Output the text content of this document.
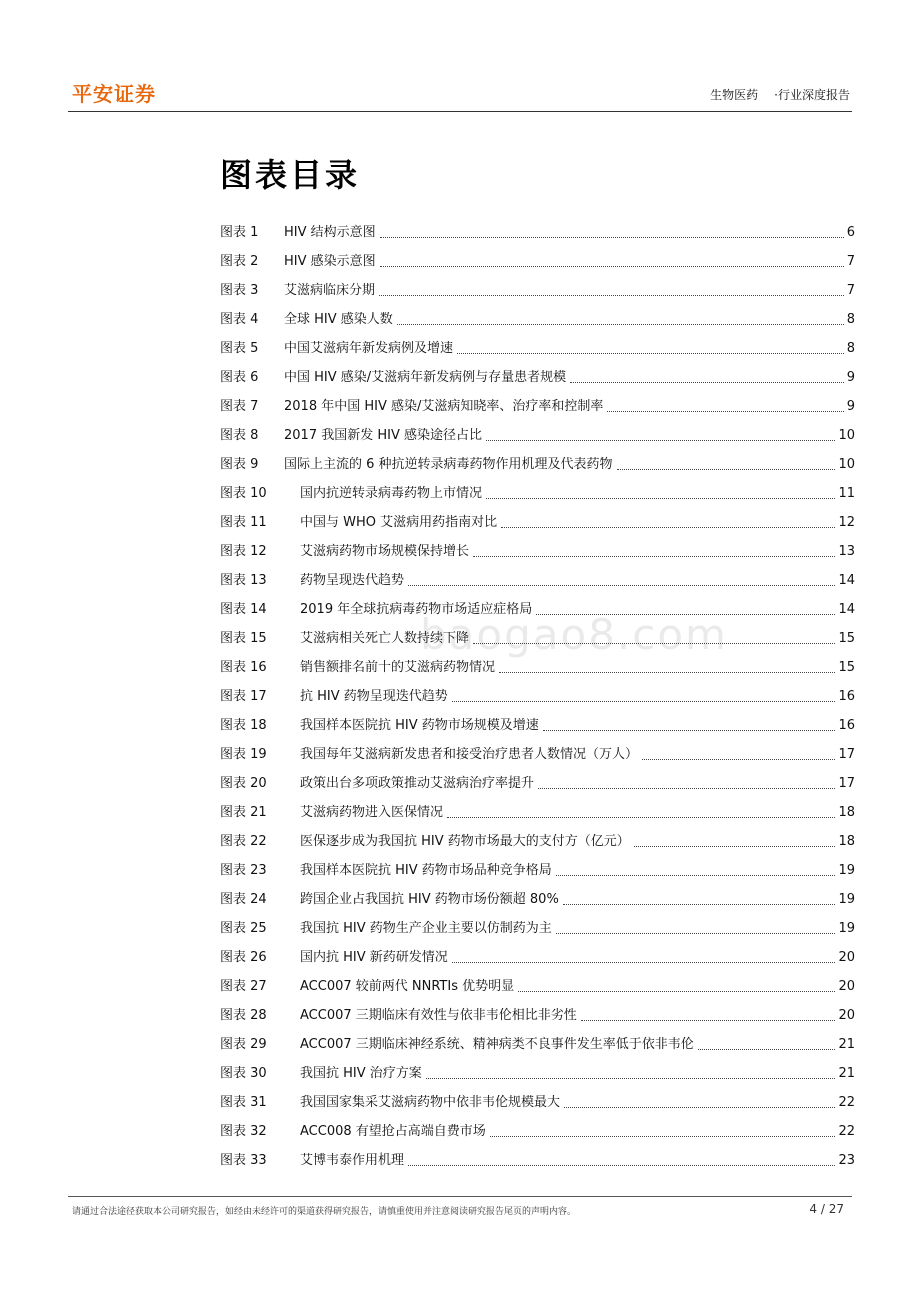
平安证券	生物医药 ·行业深度报告
图表目录
baogao8.com
图表 1	HIV 结构示意图	6
图表 2	HIV 感染示意图	7
图表 3	艾滋病临床分期	7
图表 4	全球 HIV 感染人数	8
图表 5	中国艾滋病年新发病例及增速	8
图表 6	中国 HIV 感染/艾滋病年新发病例与存量患者规模	9
图表 7	2018 年中国 HIV 感染/艾滋病知晓率、治疗率和控制率	9
图表 8	2017 我国新发 HIV 感染途径占比	10
图表 9	国际上主流的 6 种抗逆转录病毒药物作用机理及代表药物	10
图表 10	国内抗逆转录病毒药物上市情况	11
图表 11	中国与 WHO 艾滋病用药指南对比	12
图表 12	艾滋病药物市场规模保持增长	13
图表 13	药物呈现迭代趋势	14
图表 14	2019 年全球抗病毒药物市场适应症格局	14
图表 15	艾滋病相关死亡人数持续下降	15
图表 16	销售额排名前十的艾滋病药物情况	15
图表 17	抗 HIV 药物呈现迭代趋势	16
图表 18	我国样本医院抗 HIV 药物市场规模及增速	16
图表 19	我国每年艾滋病新发患者和接受治疗患者人数情况（万人）	17
图表 20	政策出台多项政策推动艾滋病治疗率提升	17
图表 21	艾滋病药物进入医保情况	18
图表 22	医保逐步成为我国抗 HIV 药物市场最大的支付方（亿元）	18
图表 23	我国样本医院抗 HIV 药物市场品种竞争格局	19
图表 24	跨国企业占我国抗 HIV 药物市场份额超 80%	19
图表 25	我国抗 HIV 药物生产企业主要以仿制药为主	19
图表 26	国内抗 HIV 新药研发情况	20
图表 27	ACC007 较前两代 NNRTIs 优势明显	20
图表 28	ACC007 三期临床有效性与依非韦伦相比非劣性	20
图表 29	ACC007 三期临床神经系统、精神病类不良事件发生率低于依非韦伦	21
图表 30	我国抗 HIV 治疗方案	21
图表 31	我国国家集采艾滋病药物中依非韦伦规模最大	22
图表 32	ACC008 有望抢占高端自费市场	22
图表 33	艾博韦泰作用机理	23
请通过合法途径获取本公司研究报告，如经由未经许可的渠道获得研究报告，请慎重使用并注意阅读研究报告尾页的声明内容。	4 / 27
